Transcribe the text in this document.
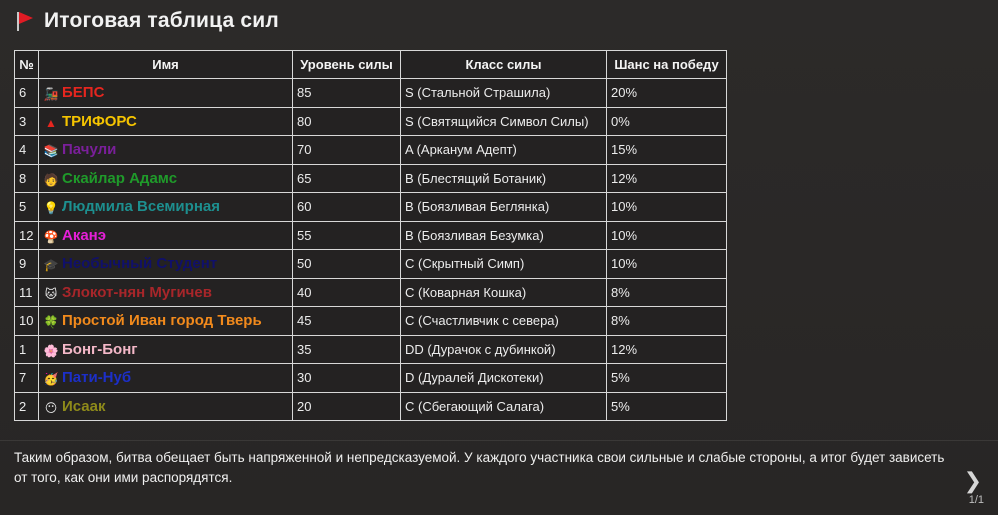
Итоговая таблица сил
№	Имя	Уровень силы	Класс силы	Шанс на победу
6	🚂 БЕПС	85	S (Стальной Страшила)	20%
3	▲ ТРИФОРС	80	S (Святящийся Символ Силы)	0%
4	📚 Пачули	70	A (Арканум Адепт)	15%
8	🧑 Скайлар Адамс	65	B (Блестящий Ботаник)	12%
5	💡 Людмила Всемирная	60	B (Боязливая Беглянка)	10%
12	🍄 Аканэ	55	B (Боязливая Безумка)	10%
9	🎓 Необычный Студент	50	C (Скрытный Симп)	10%
11	🐱 Злокот-нян Мугичев	40	C (Коварная Кошка)	8%
10	🍀 Простой Иван город Тверь	45	C (Счастливчик с севера)	8%
1	🌸 Бонг-Бонг	35	DD (Дурачок с дубинкой)	12%
7	🥳 Пати-Нуб	30	D (Дуралей Дискотеки)	5%
2	😶 Исаак	20	C (Сбегающий Салага)	5%
Таким образом, битва обещает быть напряженной и непредсказуемой. У каждого участника свои сильные и слабые стороны, а итог будет зависеть от того, как они ими распорядятся.	❯
1/1
